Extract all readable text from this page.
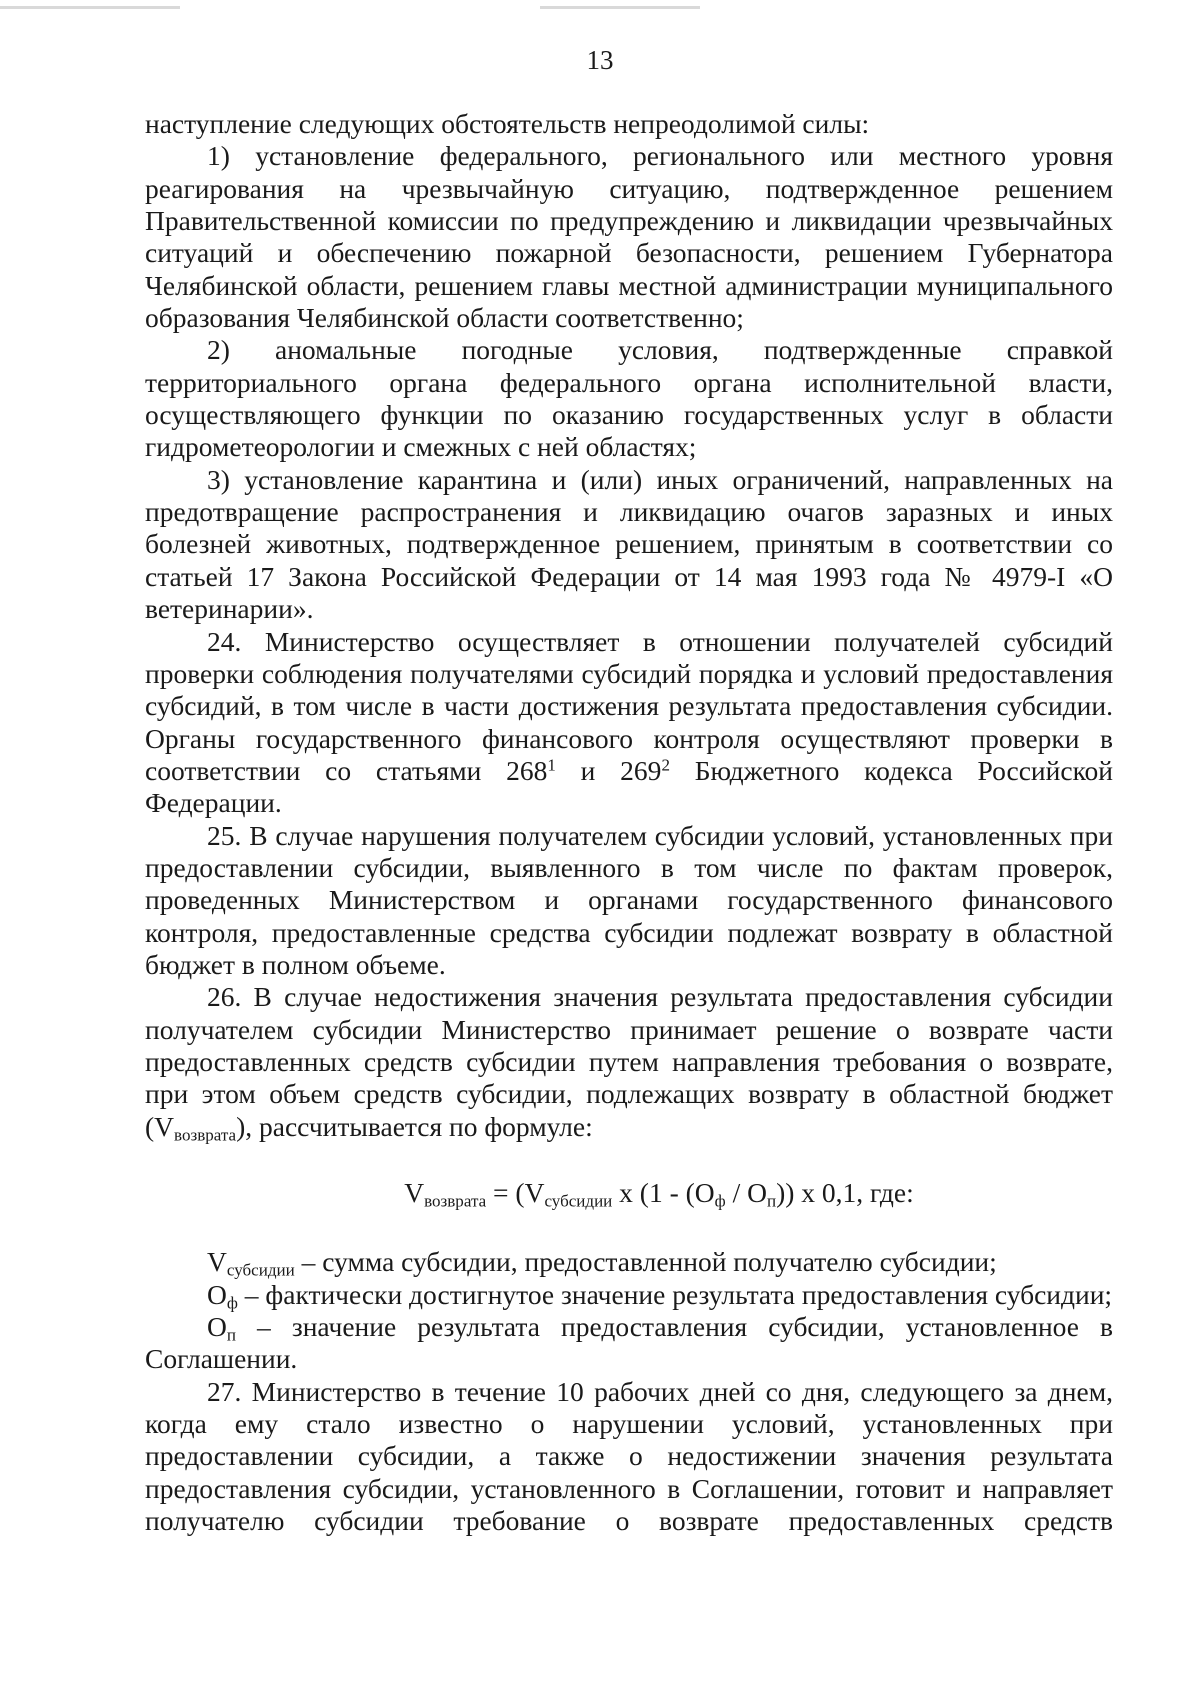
13

наступление следующих обстоятельств непреодолимой силы:

1) установление федерального, регионального или местного уровня реагирования на чрезвычайную ситуацию, подтвержденное решением Правительственной комиссии по предупреждению и ликвидации чрезвычайных ситуаций и обеспечению пожарной безопасности, решением Губернатора Челябинской области, решением главы местной администрации муниципального образования Челябинской области соответственно;

2) аномальные погодные условия, подтвержденные справкой территориального органа федерального органа исполнительной власти, осуществляющего функции по оказанию государственных услуг в области гидрометеорологии и смежных с ней областях;

3) установление карантина и (или) иных ограничений, направленных на предотвращение распространения и ликвидацию очагов заразных и иных болезней животных, подтвержденное решением, принятым в соответствии со статьей 17 Закона Российской Федерации от 14 мая 1993 года № 4979-I «О ветеринарии».

24. Министерство осуществляет в отношении получателей субсидий проверки соблюдения получателями субсидий порядка и условий предоставления субсидий, в том числе в части достижения результата предоставления субсидии. Органы государственного финансового контроля осуществляют проверки в соответствии со статьями $268^1$ и $269^2$ Бюджетного кодекса Российской Федерации.

25. В случае нарушения получателем субсидии условий, установленных при предоставлении субсидии, выявленного в том числе по фактам проверок, проведенных Министерством и органами государственного финансового контроля, предоставленные средства субсидии подлежат возврату в областной бюджет в полном объеме.

26. В случае недостижения значения результата предоставления субсидии получателем субсидии Министерство принимает решение о возврате части предоставленных средств субсидии путем направления требования о возврате, при этом объем средств субсидии, подлежащих возврату в областной бюджет $(V_{возврата})$, рассчитывается по формуле:

$V_{возврата} = (V_{субсидии}$ х $(1 - (О_ф / О_п))$ х 0,1, где:

$V_{субсидии}$ – сумма субсидии, предоставленной получателю субсидии;

$О_ф$ – фактически достигнутое значение результата предоставления субсидии;

$О_п$ – значение результата предоставления субсидии, установленное в Соглашении.

27. Министерство в течение 10 рабочих дней со дня, следующего за днем, когда ему стало известно о нарушении условий, установленных при предоставлении субсидии, а также о недостижении значения результата предоставления субсидии, установленного в Соглашении, готовит и направляет получателю субсидии требование о возврате предоставленных средств
